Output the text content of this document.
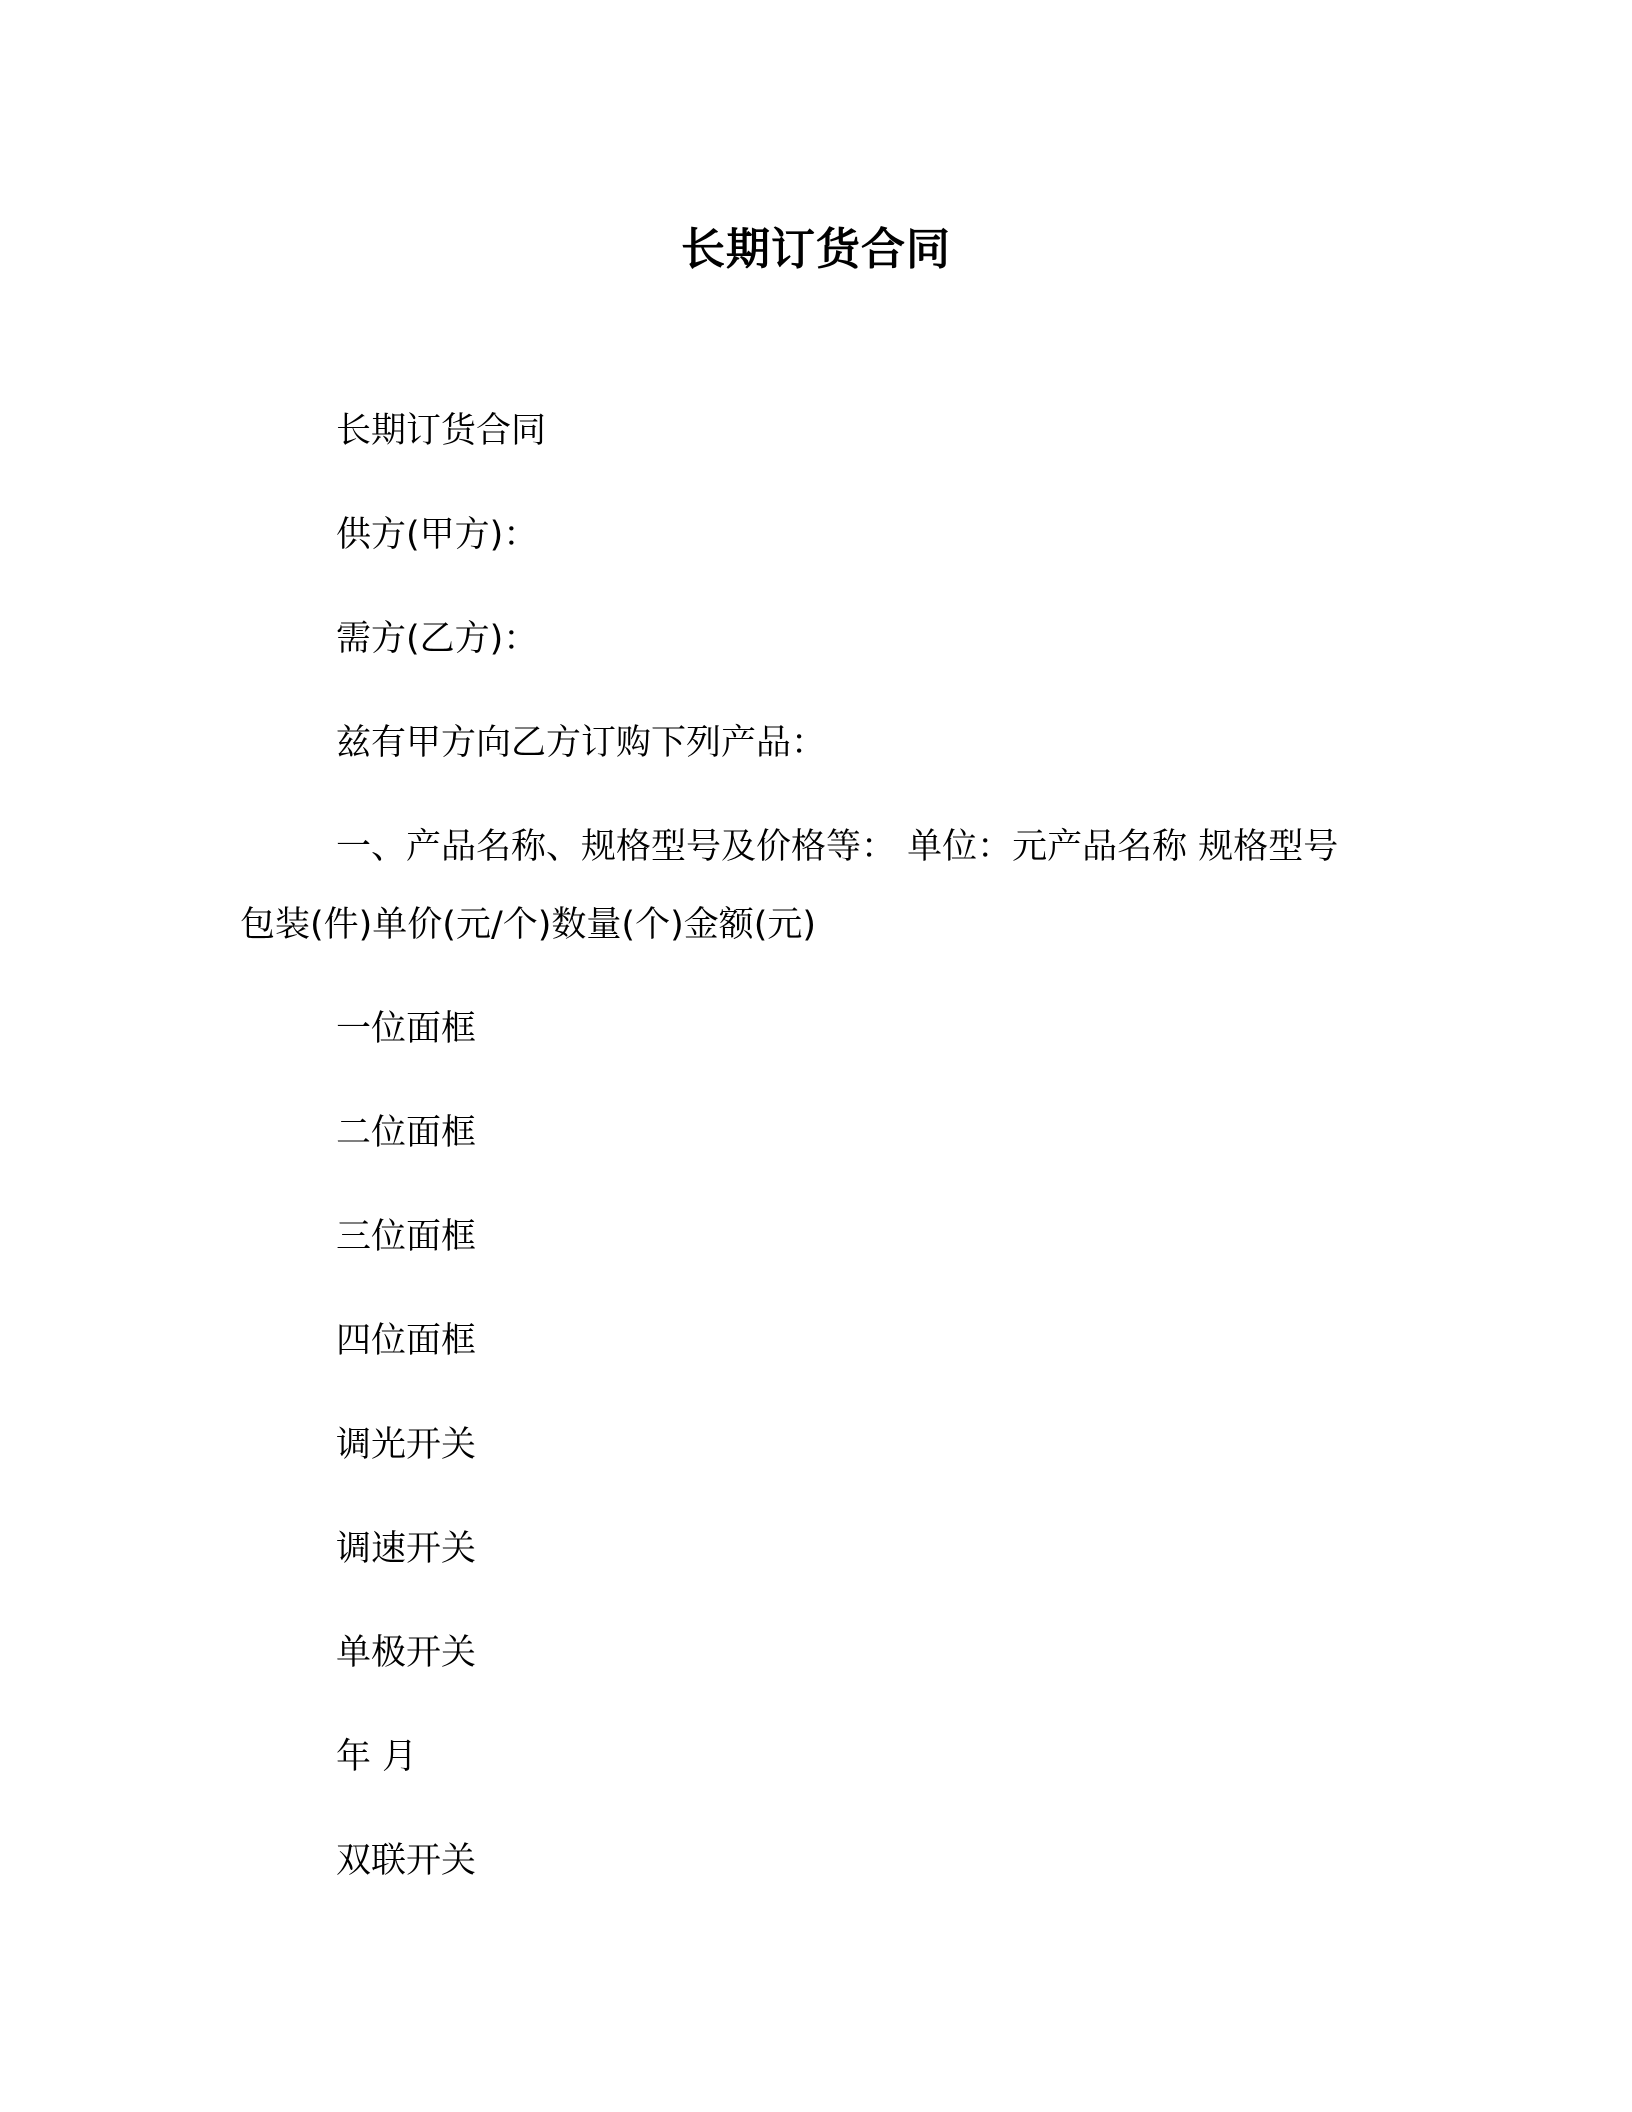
长期订货合同

长期订货合同

供方(甲方)：

需方(乙方)：

兹有甲方向乙方订购下列产品：

一、产品名称、规格型号及价格等： 单位：元产品名称 规格型号包装(件)单价(元/个)数量(个)金额(元)

一位面框

二位面框

三位面框

四位面框

调光开关

调速开关

单极开关

年 月

双联开关
